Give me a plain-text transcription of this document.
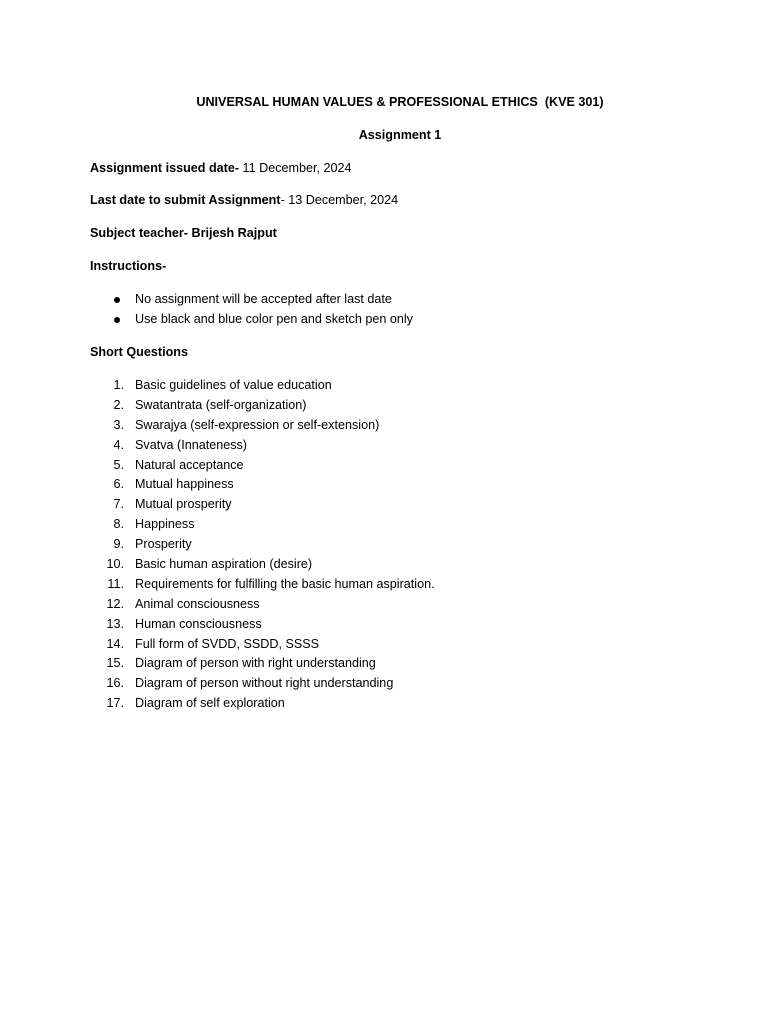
UNIVERSAL HUMAN VALUES & PROFESSIONAL ETHICS  (KVE 301)
Assignment 1
Assignment issued date- 11 December, 2024
Last date to submit Assignment- 13 December, 2024
Subject teacher- Brijesh Rajput
Instructions-
No assignment will be accepted after last date
Use black and blue color pen and sketch pen only
Short Questions
1. Basic guidelines of value education
2. Swatantrata (self-organization)
3. Swarajya (self-expression or self-extension)
4. Svatva (Innateness)
5. Natural acceptance
6. Mutual happiness
7. Mutual prosperity
8. Happiness
9. Prosperity
10. Basic human aspiration (desire)
11. Requirements for fulfilling the basic human aspiration.
12. Animal consciousness
13. Human consciousness
14. Full form of SVDD, SSDD, SSSS
15. Diagram of person with right understanding
16. Diagram of person without right understanding
17. Diagram of self exploration
